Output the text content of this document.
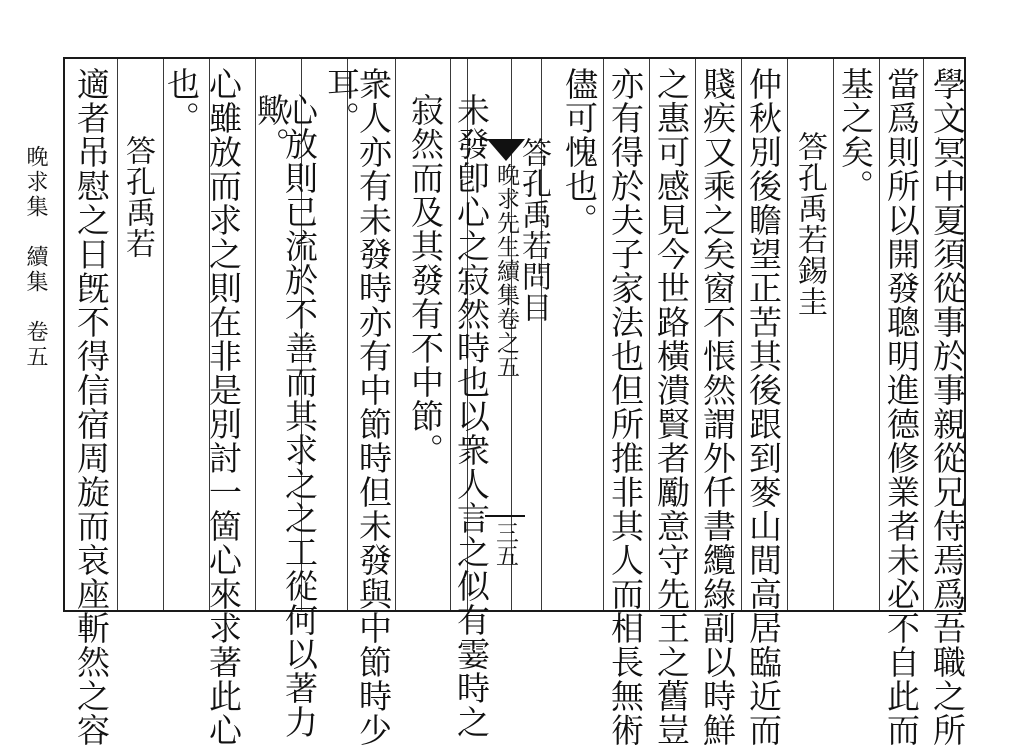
晚求集　續集　卷五	晚求先生續集卷之五
三五	學文冥中夏須從事於事親從兄侍焉爲吾職之所
當爲則所以開發聰明進德修業者未必不自此而
基之矣。
答孔禹若錫圭
仲秋別後瞻望正苦其後跟到麥山間高居臨近而
賤疾又乘之矣窗不悵然謂外仟書纜綠副以時鮮
之惠可感見今世路橫潰賢者勵意守先王之舊豈
亦有得於夫子家法也但所推非其人而相長無術
儘可愧也。
答孔禹若問目
未發卽心之寂然時也以衆人言之似有霎時之
寂然而及其發有不中節。
衆人亦有未發時亦有中節時但未發與中節時少
耳。
心放則已流於不善而其求之之工從何以著力
歟。
心雖放而求之則在非是別討一箇心來求著此心
也。
答孔禹若
適者吊慰之日旣不得信宿周旋而哀座斬然之容
